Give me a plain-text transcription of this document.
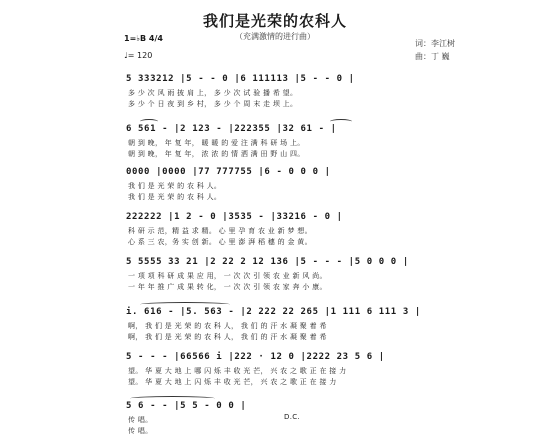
我们是光荣的农科人
（充满激情的进行曲）
词：李江树
曲：丁 巍
1=♭B 4/4
♩= 120
5 333212 |5 - - 0 |6 111113 |5 - - 0 |
多 少 次 风 雨 披 肩 上， 多 少 次 试 验 播 希 望。
多 少 个 日 夜 到 乡 村， 多 少 个 周 末 走 坝 上。
6 561 - |2 123 - |222355 |32 61 - |
朝 到 晚， 年 复 年， 暖 暖 的 爱 注 满 科 研 场 上。
朝 到 晚， 年 复 年， 浓 浓 的 情 洒 满 田 野 山 四。
0000 |0000 |77 777755 |6 - 0 0 0 |
我 们 是 光 荣 的 农 科 人。
我 们 是 光 荣 的 农 科 人。
222222 |1 2 - 0 |3535 - |33216 - 0 |
科 研 示 范，精 益 求 精。 心 里 孕 育 农 业 新 梦 想。
心 系 三 农，务 实 创 新。 心 里 澎 湃 稻 穗 的 金 黄。
5 5555 33 21 |2 22 2 12 136 |5 - - - |5 0 0 0 |
一 项 项 科 研 成 果 应 用， 一 次 次 引 领 农 业 新 风 尚。
一 年 年 推 广 成 果 转 化， 一 次 次 引 领 农 家 奔 小 康。
i. 616 - |5. 563 - |2 222 22 265 |1 111 6 111 3 |
啊， 我 们 是 光 荣 的 农 科 人， 我 们 的 汗 水 凝 聚 着 希
啊， 我 们 是 光 荣 的 农 科 人， 我 们 的 汗 水 凝 聚 着 希
5 - - - |66566 i |222 · 12 0 |2222 23 5 6 |
望。 华 夏 大 地 上 哪 闪 烁 丰 收 光 芒， 兴 农 之 歌 正 在 接 力
望。 华 夏 大 地 上 闪 烁 丰 收 光 芒， 兴 农 之 歌 正 在 接 力
5 6 - - |5 5 - 0 0 |
D.C.
传 唱。
传 唱。
